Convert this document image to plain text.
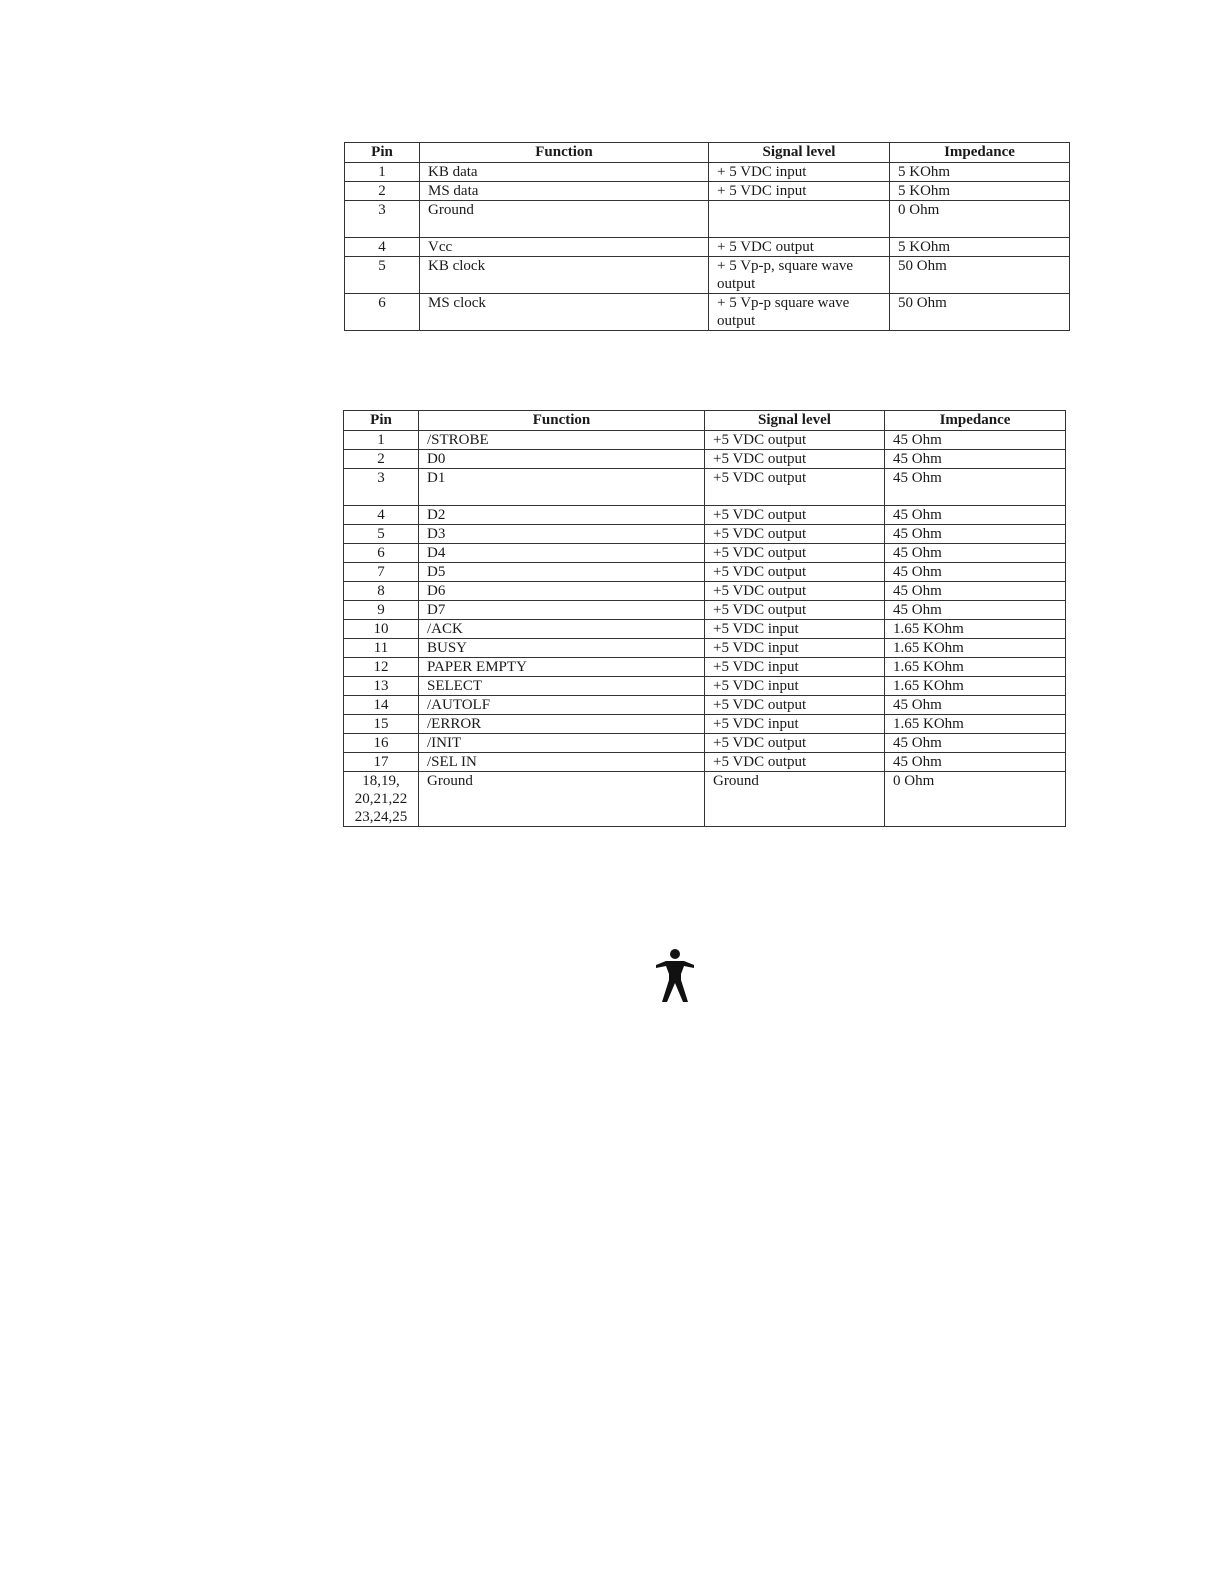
Pin	Function	Signal level	Impedance
1	KB data	+ 5 VDC input	5 KOhm
2	MS data	+ 5 VDC input	5 KOhm
3	Ground		0 Ohm
4	Vcc	+ 5 VDC output	5 KOhm
5	KB clock	+ 5 Vp-p, square wave output	50 Ohm
6	MS clock	+ 5 Vp-p square wave output	50 Ohm
Pin	Function	Signal level	Impedance
1	/STROBE	+5 VDC output	45 Ohm
2	D0	+5 VDC output	45 Ohm
3	D1	+5 VDC output	45 Ohm
4	D2	+5 VDC output	45 Ohm
5	D3	+5 VDC output	45 Ohm
6	D4	+5 VDC output	45 Ohm
7	D5	+5 VDC output	45 Ohm
8	D6	+5 VDC output	45 Ohm
9	D7	+5 VDC output	45 Ohm
10	/ACK	+5 VDC input	1.65 KOhm
11	BUSY	+5 VDC input	1.65 KOhm
12	PAPER EMPTY	+5 VDC input	1.65 KOhm
13	SELECT	+5 VDC input	1.65 KOhm
14	/AUTOLF	+5 VDC output	45 Ohm
15	/ERROR	+5 VDC input	1.65 KOhm
16	/INIT	+5 VDC output	45 Ohm
17	/SEL IN	+5 VDC output	45 Ohm
18,19,
20,21,22
23,24,25	Ground	Ground	0 Ohm
